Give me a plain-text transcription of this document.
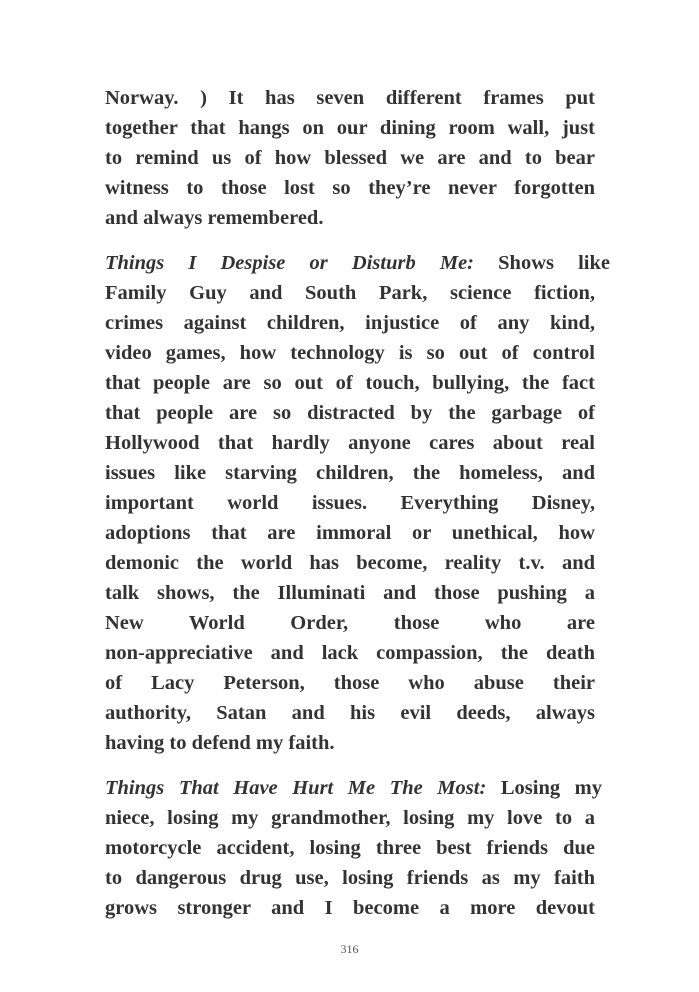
Norway. ) It has seven different frames put
together that hangs on our dining room wall, just
to remind us of how blessed we are and to bear
witness to those lost so they’re never forgotten
and always remembered.
Things I Despise or Disturb Me: Shows like
Family Guy and South Park, science fiction,
crimes against children, injustice of any kind,
video games, how technology is so out of control
that people are so out of touch, bullying, the fact
that people are so distracted by the garbage of
Hollywood that hardly anyone cares about real
issues like starving children, the homeless, and
important world issues. Everything Disney,
adoptions that are immoral or unethical, how
demonic the world has become, reality t.v. and
talk shows, the Illuminati and those pushing a
New World Order, those who are
non-appreciative and lack compassion, the death
of Lacy Peterson, those who abuse their
authority, Satan and his evil deeds, always
having to defend my faith.
Things That Have Hurt Me The Most: Losing my
niece, losing my grandmother, losing my love to a
motorcycle accident, losing three best friends due
to dangerous drug use, losing friends as my faith
grows stronger and I become a more devout
316
